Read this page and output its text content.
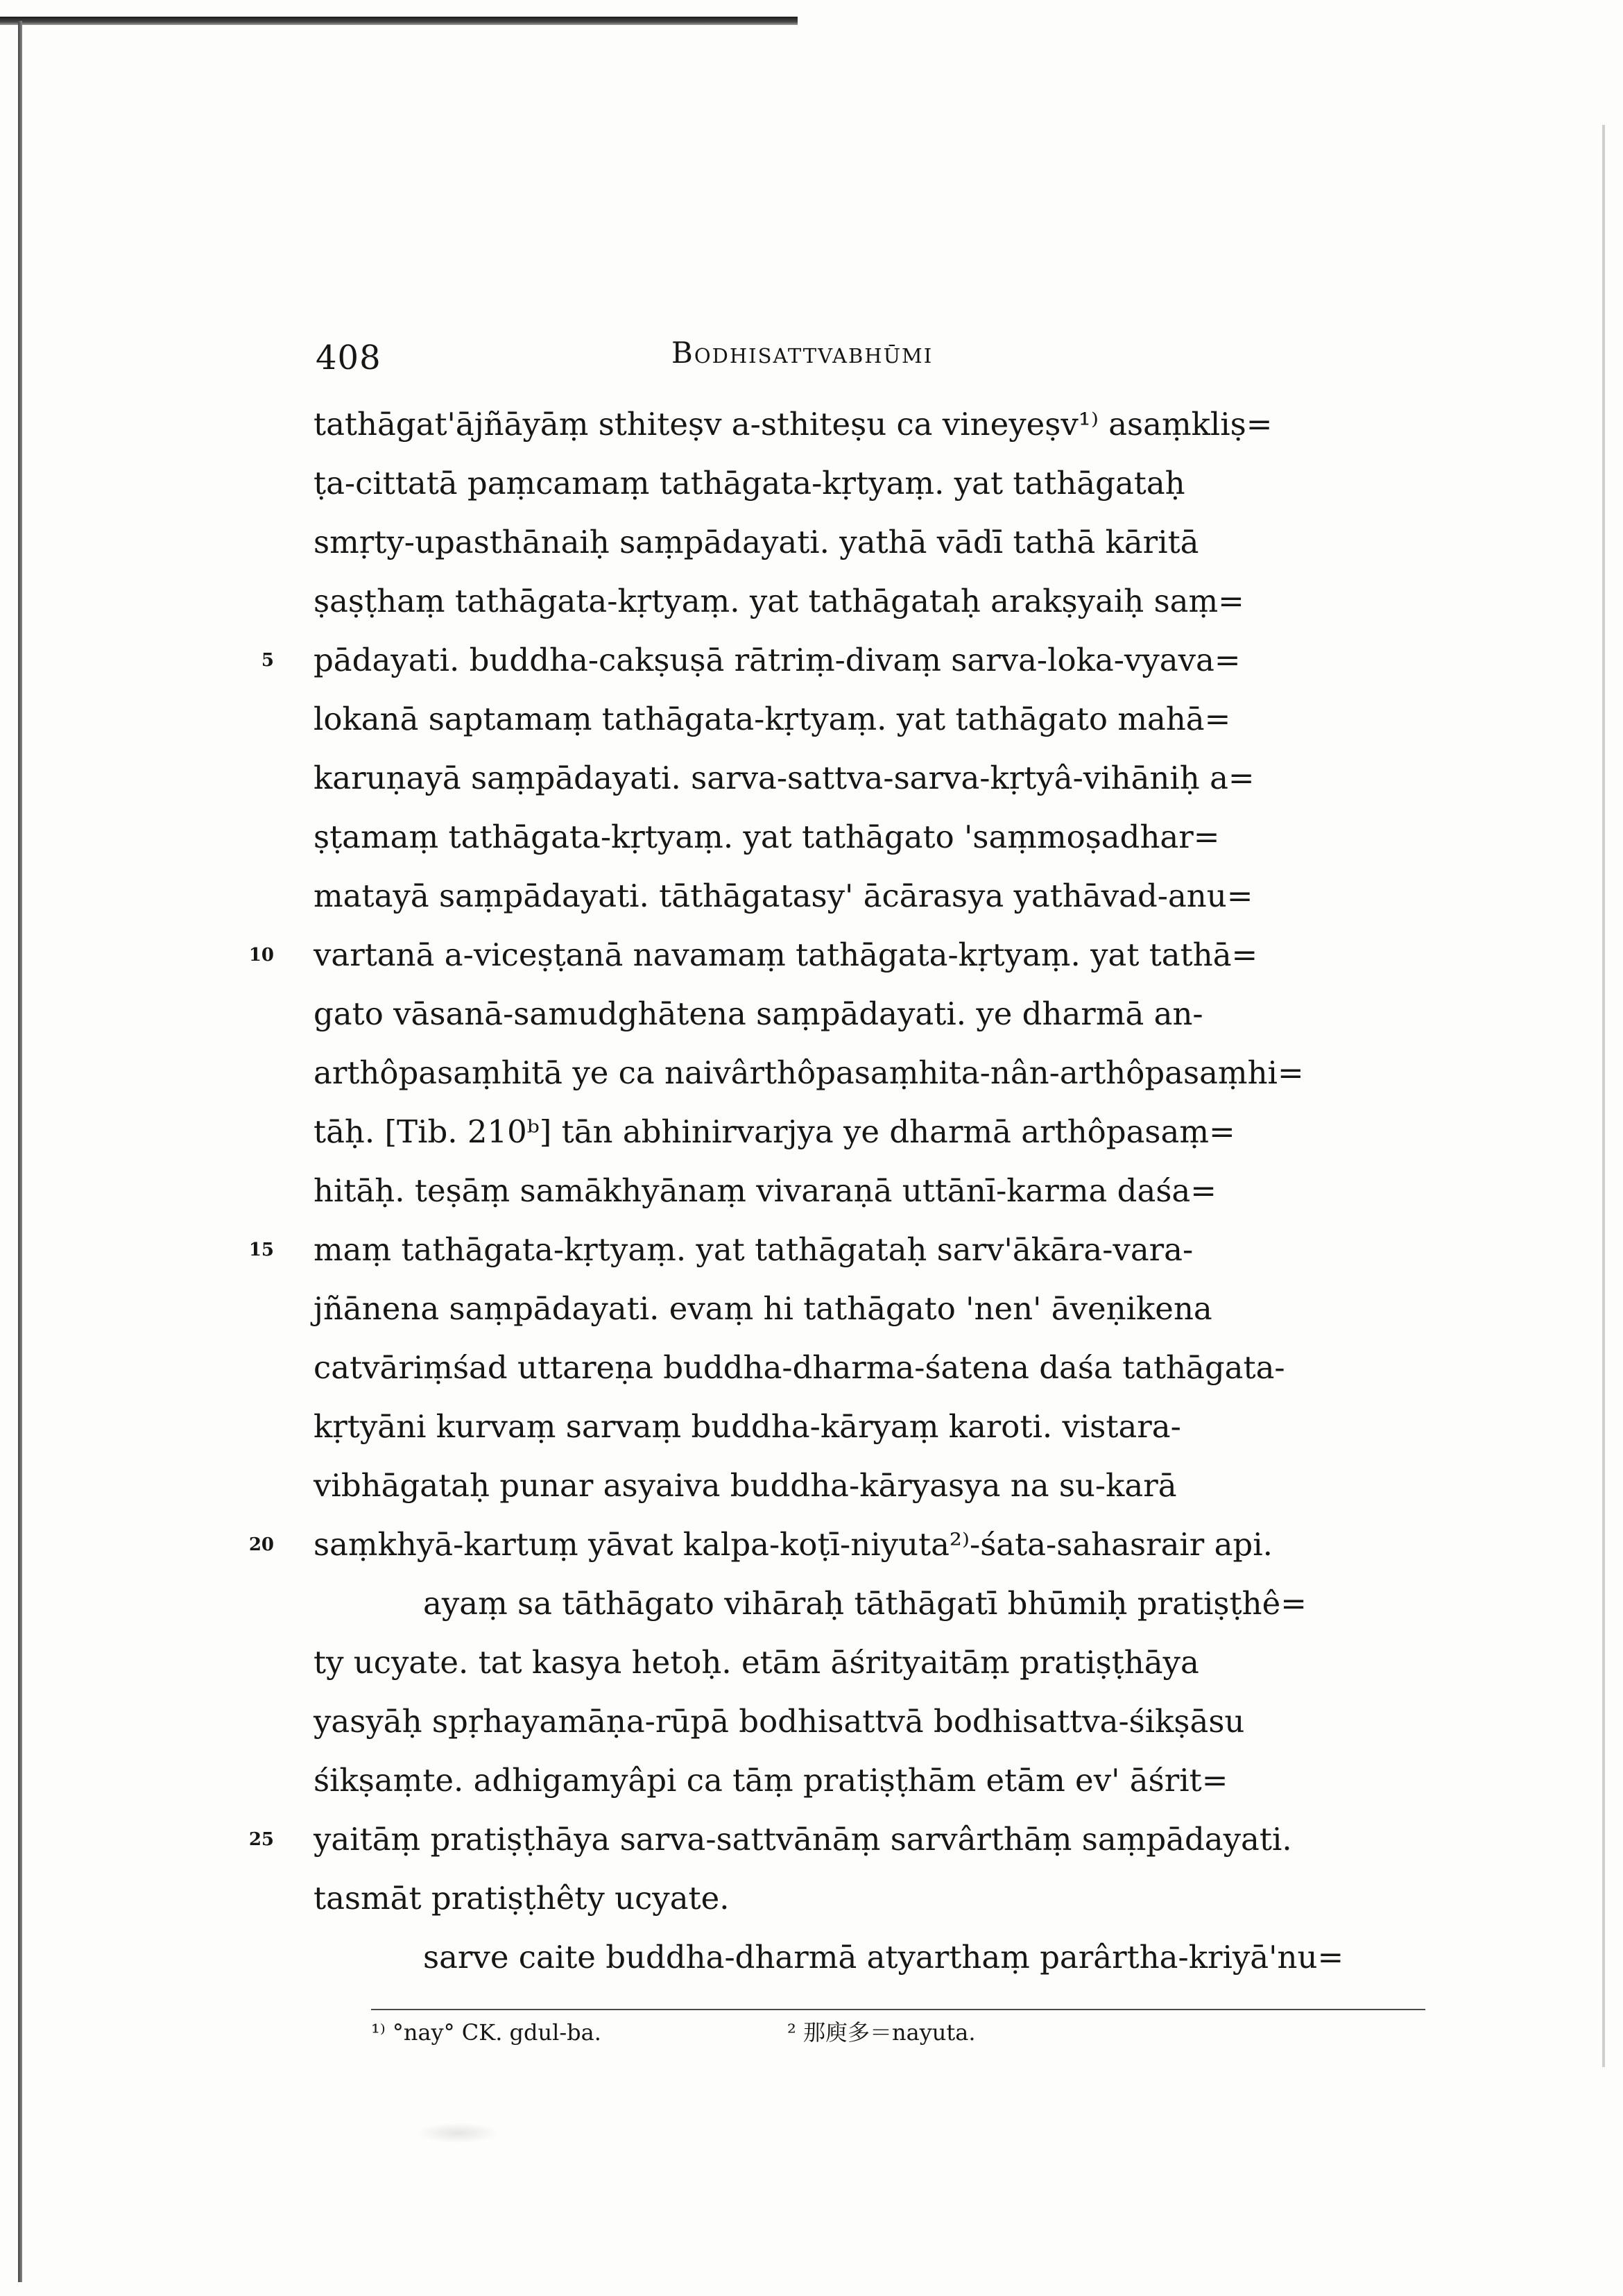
408	Bodhisattvabhūmi
tathāgat'ājñāyāṃ sthiteṣv a-sthiteṣu ca vineyeṣv¹⁾ asaṃkliṣ=
ṭa-cittatā paṃcamaṃ tathāgata-kṛtyaṃ. yat tathāgataḥ
smṛty-upasthānaiḥ saṃpādayati. yathā vādī tathā kāritā
ṣaṣṭhaṃ tathāgata-kṛtyaṃ. yat tathāgataḥ arakṣyaiḥ saṃ=
pādayati. buddha-cakṣuṣā rātriṃ-divaṃ sarva-loka-vyava=
lokanā saptamaṃ tathāgata-kṛtyaṃ. yat tathāgato mahā=
karuṇayā saṃpādayati. sarva-sattva-sarva-kṛtyâ-vihāniḥ a=
ṣṭamaṃ tathāgata-kṛtyaṃ. yat tathāgato 'saṃmoṣadhar=
matayā saṃpādayati. tāthāgatasy' ācārasya yathāvad-anu=
vartanā a-viceṣṭanā navamaṃ tathāgata-kṛtyaṃ. yat tathā=
gato vāsanā-samudghātena saṃpādayati. ye dharmā an-
arthôpasaṃhitā ye ca naivârthôpasaṃhita-nân-arthôpasaṃhi=
tāḥ. [Tib. 210ᵇ] tān abhinirvarjya ye dharmā arthôpasaṃ=
hitāḥ. teṣāṃ samākhyānaṃ vivaraṇā uttānī-karma daśa=
maṃ tathāgata-kṛtyaṃ. yat tathāgataḥ sarv'ākāra-vara-
jñānena saṃpādayati. evaṃ hi tathāgato 'nen' āveṇikena
catvāriṃśad uttareṇa buddha-dharma-śatena daśa tathāgata-
kṛtyāni kurvaṃ sarvaṃ buddha-kāryaṃ karoti. vistara-
vibhāgataḥ punar asyaiva buddha-kāryasya na su-karā
saṃkhyā-kartuṃ yāvat kalpa-koṭī-niyuta²⁾-śata-sahasrair api.
ayaṃ sa tāthāgato vihāraḥ tāthāgatī bhūmiḥ pratiṣṭhê=
ty ucyate. tat kasya hetoḥ. etām āśrityaitāṃ pratiṣṭhāya
yasyāḥ spṛhayamāṇa-rūpā bodhisattvā bodhisattva-śikṣāsu
śikṣaṃte. adhigamyâpi ca tāṃ pratiṣṭhām etām ev' āśrit=
yaitāṃ pratiṣṭhāya sarva-sattvānāṃ sarvârthāṃ saṃpādayati.
tasmāt pratiṣṭhêty ucyate.
sarve caite buddha-dharmā atyarthaṃ parârtha-kriyā'nu=
5
10
15
20
25
¹⁾ °nay° CK. gdul-ba.	² 那庾多＝nayuta.
